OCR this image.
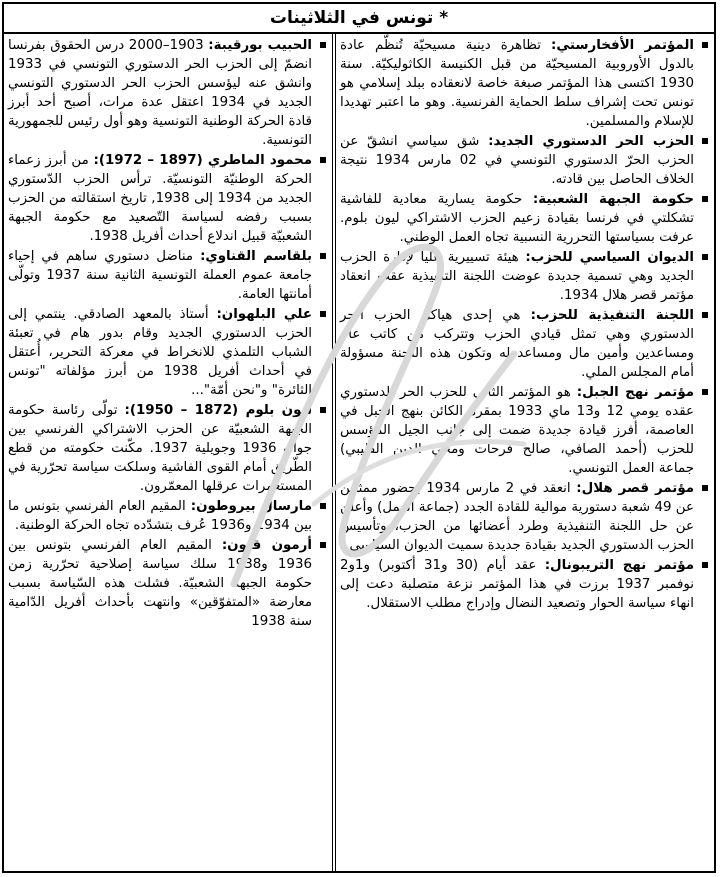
* تونس في الثلاثينات
المؤتمر الأفخارستي: تظاهرة دينية مسيحيّة تُنظّم عادة بالدول الأوروبية المسيحيّة من قبل الكنيسة الكاثوليكيّة. سنة 1930 اكتسى هذا المؤتمر صبغة خاصة لانعقاده ببلد إسلامي هو تونس تحت إشراف سلط الحماية الفرنسية. وهو ما اعتبر تهديدا للإسلام والمسلمين.
الحزب الحر الدستوري الجديد: شق سياسي انشقّ عن الحزب الحرّ الدستوري التونسي في 02 مارس 1934 نتيجة الخلاف الحاصل بين قادته.
حكومة الجبهة الشعبية: حكومة يسارية معادية للفاشية تشكلتي في فرنسا بقيادة زعيم الحزب الاشتراكي ليون بلوم. عرفت بسياستها التحررية النسبية تجاه العمل الوطني.
الديوان السياسي للحزب: هيئة تسييرية عليا لإدارة الحزب الجديد وهي تسمية جديدة عوضت اللجنة التنفيذية عقب انعقاد مؤتمر قصر هلال 1934.
اللجنة التنفيذية للحزب: هي إحدى هياكل الحزب الحر الدستوري وهي تمثل قيادي الحزب وتتركب من كاتب عام ومساعدين وأمين مال ومساعد له وتكون هذه اللجنة مسؤولة أمام المجلس الملي.
مؤتمر نهج الجبل: هو المؤتمر الثاني للحزب الحر الدستوري عقده يومي 12 و13 ماي 1933 بمقره الكائن بنهج الجبل في العاصمة، أفرز قيادة جديدة ضمت إلى جانب الجيل المؤسس للحزب (أحمد الصافي، صالح فرحات ومحي الدين القليبي) جماعة العمل التونسي.
مؤتمر قصر هلال: انعقد في 2 مارس 1934 بحضور ممثلين عن 49 شعبة دستورية موالية للقادة الجدد (جماعة العمل) وأعلن عن حل اللجنة التنفيذية وطرد أعضائها من الحزب، وتأسيس الحزب الدستوري الجديد بقيادة جديدة سميت الديوان السياسي.
مؤتمر نهج التريبونال: عقد أيام (30 و31 أكتوبر) و1و2 نوفمبر 1937 برزت في هذا المؤتمر نزعة متصلبة دعت إلى انهاء سياسة الحوار وتصعيد النضال وإدراج مطلب الاستقلال.
الحبيب بورقيبة: 1903–2000 درس الحقوق بفرنسا انضمّ إلى الحزب الحر الدستوري التونسي في 1933 وانشق عنه ليؤسس الحزب الحر الدستوري التونسي الجديد في 1934 اعتقل عدة مرات، أصبح أحد أبرز قادة الحركة الوطنية التونسية وهو أول رئيس للجمهورية التونسية.
محمود الماطري (1897 – 1972): من أبرز زعماء الحركة الوطنيّة التونسيّة. ترأس الحزب الدّستوري الجديد من 1934 إلى 1938, تاريخ استقالته من الحزب بسبب رفضه لسياسة التّصعيد مع حكومة الجبهة الشعبيّة قبيل اندلاع أحداث أفريل 1938.
بلقاسم القناوي: مناضل دستوري ساهم في إحياء جامعة عموم العملة التونسية الثانية سنة 1937 وتولّى أمانتها العامة.
علي البلهوان: أستاذ بالمعهد الصادقي. ينتمي إلى الحزب الدستوري الجديد وقام بدور هام في تعبئة الشباب التلمذي للانخراط في معركة التحرير، أُعتقل في أحداث أفريل 1938 من أبرز مؤلفاته "تونس الثائرة" و"نحن أمّة"...
ليون بلوم (1872 – 1950): تولّى رئاسة حكومة الجبهة الشعبيّة عن الحزب الاشتراكي الفرنسي بين جوان 1936 وجويلية 1937. مكّنت حكومته من قطع الطّريق أمام القوى الفاشية وسلكت سياسة تحرّرية في المستعمرات عرقلها المعمّرون.
مارسال بيروطون: المقيم العام الفرنسي بتونس ما بين 1934 و1936 عُرف بتشدّده تجاه الحركة الوطنية.
أرمون قيون: المقيم العام الفرنسي بتونس بين 1936 و1938 سلك سياسة إصلاحية تحرّرية زمن حكومة الجبهة الشعبيّة. فشلت هذه السّياسة بسبب معارضة «المتفوّقين» وانتهت بأحداث أفريل الدّامية سنة 1938
